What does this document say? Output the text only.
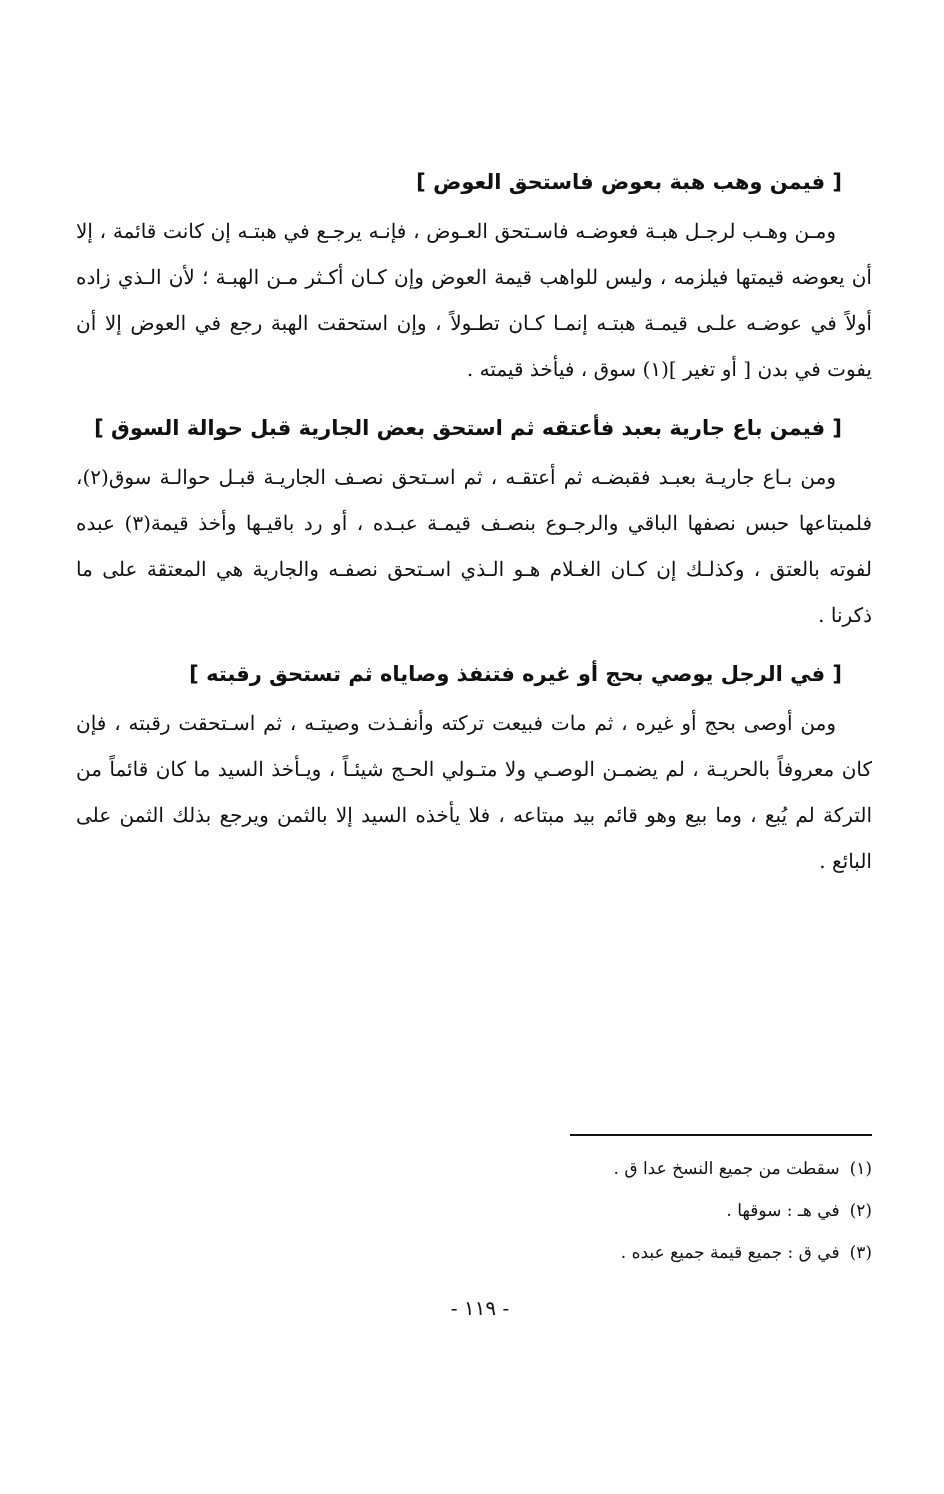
[ فيمن وهب هبة بعوض فاستحق العوض ]

ومـن وهـب لرجـل هبـة فعوضـه فاسـتحق العـوض ، فإنـه يرجـع في هبتـه إن كانت قائمة ، إلا أن يعوضه قيمتها فيلزمه ، وليس للواهب قيمة العوض وإن كـان أكـثر مـن الهبـة ؛ لأن الـذي زاده أولاً في عوضـه علـى قيمـة هبتـه إنمـا كـان تطـولاً ، وإن استحقت الهبة رجع في العوض إلا أن يفوت في بدن [ أو تغير ](١) سوق ، فيأخذ قيمته .

[ فيمن باع جارية بعبد فأعتقه ثم استحق بعض الجارية قبل حوالة السوق ]

ومن بـاع جاريـة بعبـد فقبضـه ثم أعتقـه ، ثم اسـتحق نصـف الجاريـة قبـل حوالـة سوق(٢)، فلمبتاعها حبس نصفها الباقي والرجـوع بنصـف قيمـة عبـده ، أو رد باقيـها وأخذ قيمة(٣) عبده لفوته بالعتق ، وكذلـك إن كـان الغـلام هـو الـذي اسـتحق نصفـه والجارية هي المعتقة على ما ذكرنا .

[ في الرجل يوصي بحج أو غيره فتنفذ وصاياه ثم تستحق رقبته ]

ومن أوصى بحج أو غيره ، ثم مات فبيعت تركته وأنفـذت وصيتـه ، ثم اسـتحقت رقبته ، فإن كان معروفاً بالحريـة ، لم يضمـن الوصـي ولا متـولي الحـج شيئـاً ، ويـأخذ السيد ما كان قائماً من التركة لم يُبع ، وما بيع وهو قائم بيد مبتاعه ، فلا يأخذه السيد إلا بالثمن ويرجع بذلك الثمن على البائع .

(١)
سقطت من جميع النسخ عدا ق .
(٢)
في هـ : سوقها .
(٣)
في ق : جميع قيمة جميع عبده .
- ١١٩ -
